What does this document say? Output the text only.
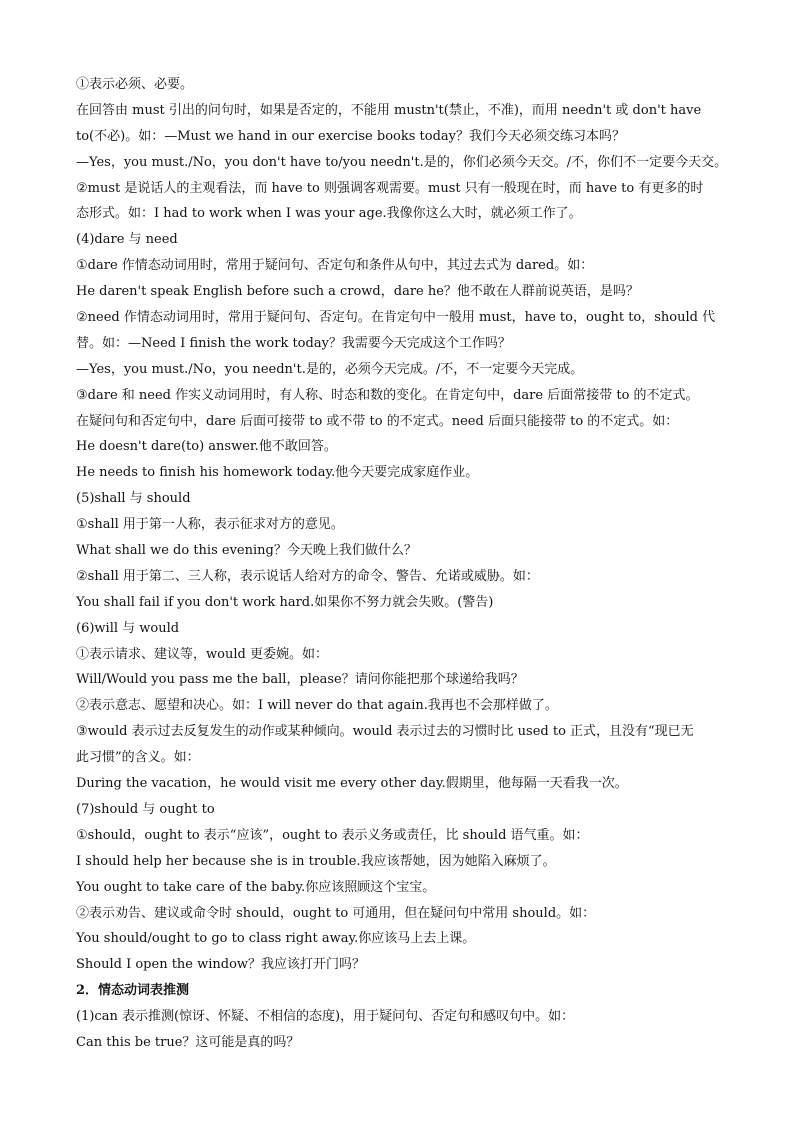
①表示必须、必要。
在回答由 must 引出的问句时，如果是否定的，不能用 mustn't(禁止，不准)，而用 needn't 或 don't have
to(不必)。如：—Must we hand in our exercise books today？我们今天必须交练习本吗？
—Yes，you must./No，you don't have to/you needn't.是的，你们必须今天交。/不，你们不一定要今天交。
②must 是说话人的主观看法，而 have to 则强调客观需要。must 只有一般现在时，而 have to 有更多的时
态形式。如：I had to work when I was your age.我像你这么大时，就必须工作了。
(4)dare 与 need
①dare 作情态动词用时，常用于疑问句、否定句和条件从句中，其过去式为 dared。如：
He daren't speak English before such a crowd，dare he？他不敢在人群前说英语，是吗？
②need 作情态动词用时，常用于疑问句、否定句。在肯定句中一般用 must，have to，ought to，should 代
替。如：—Need I finish the work today？我需要今天完成这个工作吗？
—Yes，you must./No，you needn't.是的，必须今天完成。/不，不一定要今天完成。
③dare 和 need 作实义动词用时，有人称、时态和数的变化。在肯定句中，dare 后面常接带 to 的不定式。
在疑问句和否定句中，dare 后面可接带 to 或不带 to 的不定式。need 后面只能接带 to 的不定式。如：
He doesn't dare(to) answer.他不敢回答。
He needs to finish his homework today.他今天要完成家庭作业。
(5)shall 与 should
①shall 用于第一人称，表示征求对方的意见。
What shall we do this evening？今天晚上我们做什么？
②shall 用于第二、三人称，表示说话人给对方的命令、警告、允诺或威胁。如：
You shall fail if you don't work hard.如果你不努力就会失败。(警告)
(6)will 与 would
①表示请求、建议等，would 更委婉。如：
Will/Would you pass me the ball，please？请问你能把那个球递给我吗？
②表示意志、愿望和决心。如：I will never do that again.我再也不会那样做了。
③would 表示过去反复发生的动作或某种倾向。would 表示过去的习惯时比 used to 正式，且没有“现已无
此习惯”的含义。如：
During the vacation，he would visit me every other day.假期里，他每隔一天看我一次。
(7)should 与 ought to
①should，ought to 表示“应该”，ought to 表示义务或责任，比 should 语气重。如：
I should help her because she is in trouble.我应该帮她，因为她陷入麻烦了。
You ought to take care of the baby.你应该照顾这个宝宝。
②表示劝告、建议或命令时 should，ought to 可通用，但在疑问句中常用 should。如：
You should/ought to go to class right away.你应该马上去上课。
Should I open the window？我应该打开门吗？
2．情态动词表推测
(1)can 表示推测(惊讶、怀疑、不相信的态度)，用于疑问句、否定句和感叹句中。如：
Can this be true？这可能是真的吗？
